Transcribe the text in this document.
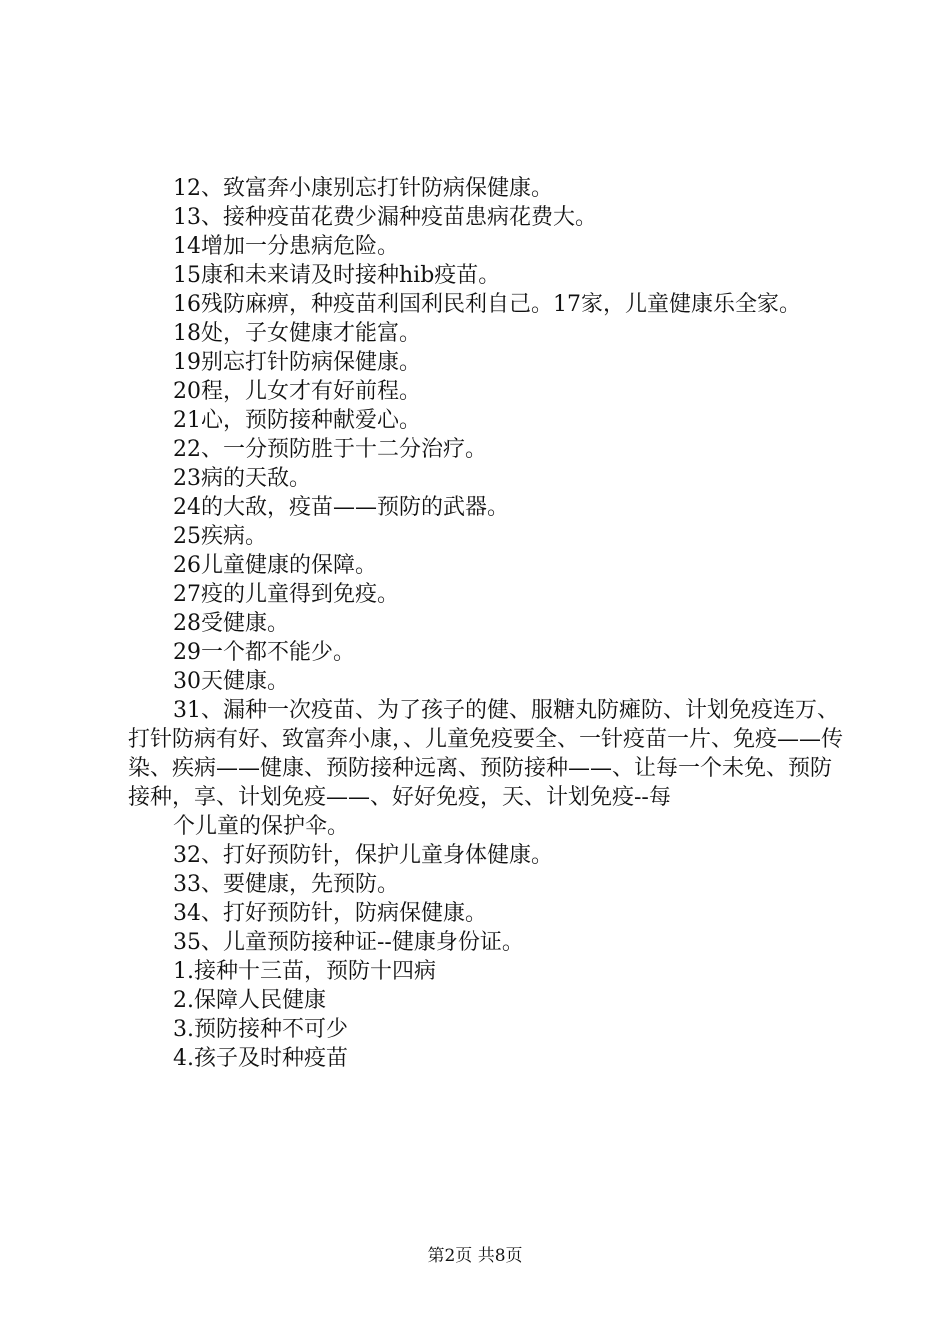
12、致富奔小康别忘打针防病保健康。

13、接种疫苗花费少漏种疫苗患病花费大。

14增加一分患病危险。

15康和未来请及时接种hib疫苗。

16残防麻痹，种疫苗利国利民利自己。17家，儿童健康乐全家。

18处，子女健康才能富。

19别忘打针防病保健康。

20程，儿女才有好前程。

21心，预防接种献爱心。

22、一分预防胜于十二分治疗。

23病的天敌。

24的大敌，疫苗——预防的武器。

25疾病。

26儿童健康的保障。

27疫的儿童得到免疫。

28受健康。

29一个都不能少。

30天健康。

31、漏种一次疫苗、为了孩子的健、服糖丸防瘫防、计划免疫连万、打针防病有好、致富奔小康，、儿童免疫要全、一针疫苗一片、免疫——传染、疾病——健康、预防接种远离、预防接种——、让每一个未免、预防接种，享、计划免疫——、好好免疫，天、计划免疫--每

个儿童的保护伞。

32、打好预防针，保护儿童身体健康。

33、要健康，先预防。

34、打好预防针，防病保健康。

35、儿童预防接种证--健康身份证。

1.接种十三苗，预防十四病

2.保障人民健康

3.预防接种不可少

4.孩子及时种疫苗

第2页 共8页
